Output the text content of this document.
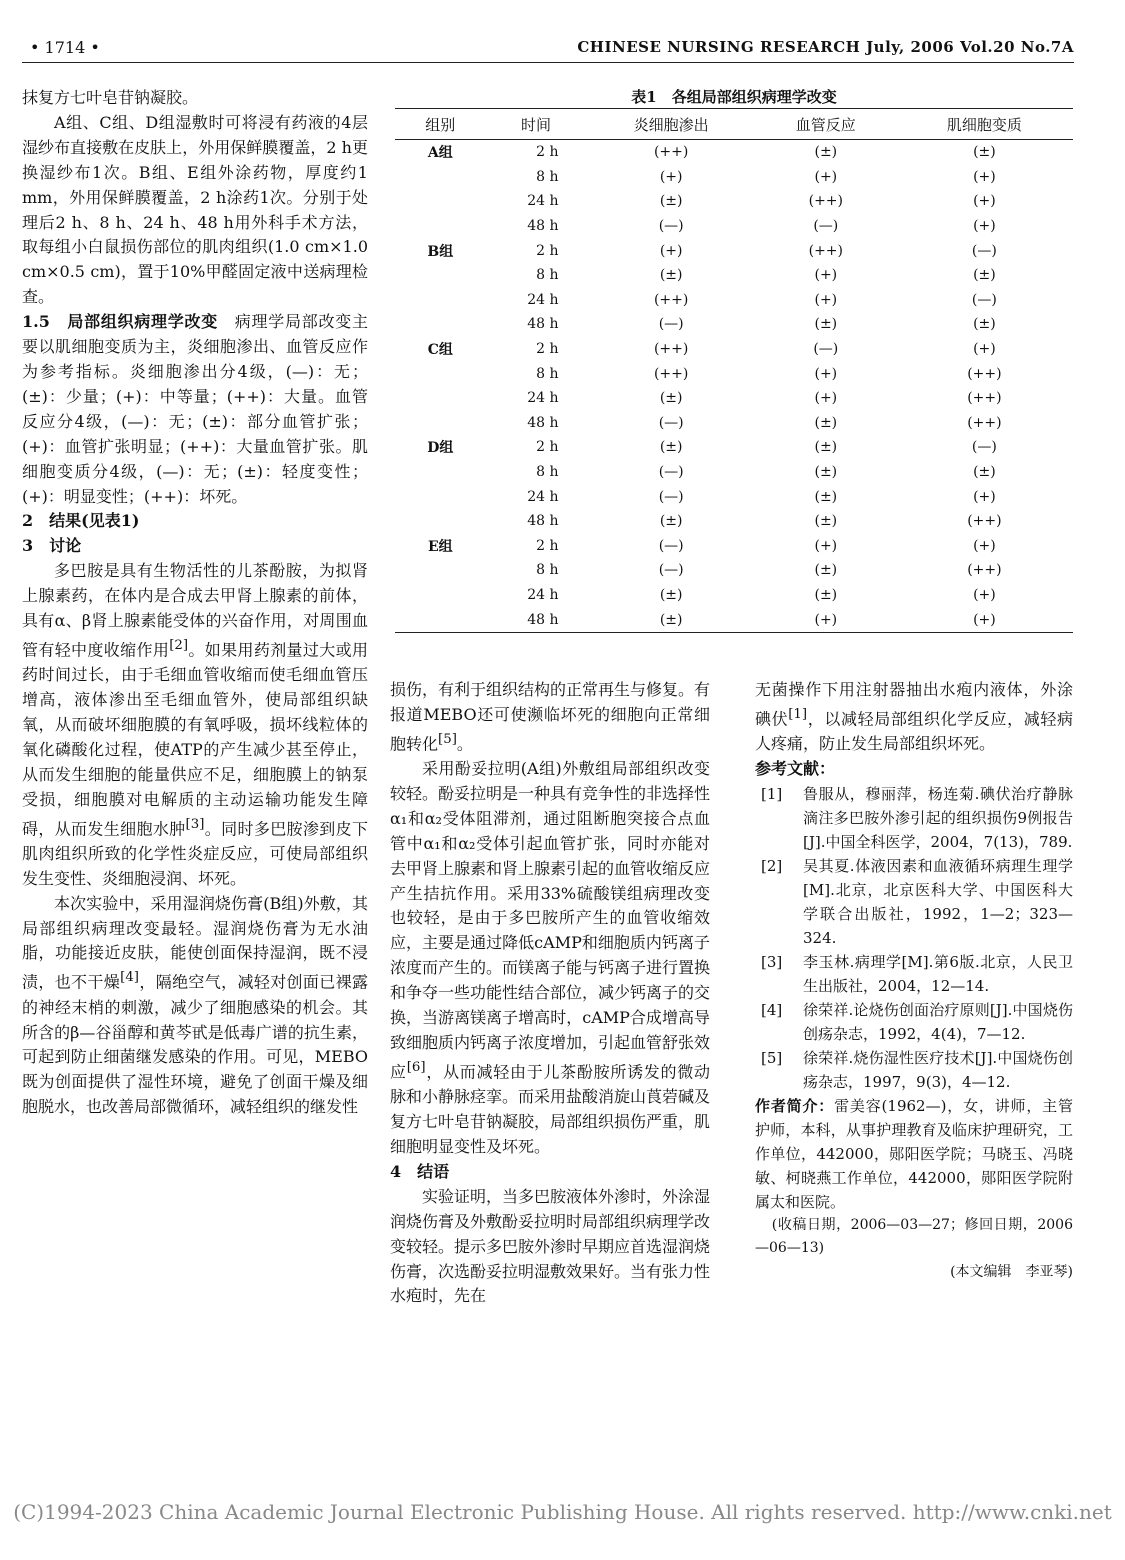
• 1714 •	CHINESE NURSING RESEARCH July, 2006 Vol.20 No.7A

抹复方七叶皂苷钠凝胶。

A组、C组、D组湿敷时可将浸有药液的4层湿纱布直接敷在皮肤上，外用保鲜膜覆盖，2 h更换湿纱布1次。B组、E组外涂药物，厚度约1 mm，外用保鲜膜覆盖，2 h涂药1次。分别于处理后2 h、8 h、24 h、48 h用外科手术方法，取每组小白鼠损伤部位的肌肉组织(1.0 cm×1.0 cm×0.5 cm)，置于10%甲醛固定液中送病理检查。

1.5　局部组织病理学改变　病理学局部改变主要以肌细胞变质为主，炎细胞渗出、血管反应作为参考指标。炎细胞渗出分4级，(—)：无；(±)：少量；(+)：中等量；(++)：大量。血管反应分4级，(—)：无；(±)：部分血管扩张；(+)：血管扩张明显；(++)：大量血管扩张。肌细胞变质分4级，(—)：无；(±)：轻度变性；(+)：明显变性；(++)：坏死。

2　结果(见表1)

3　讨论

多巴胺是具有生物活性的儿茶酚胺，为拟肾上腺素药，在体内是合成去甲肾上腺素的前体，具有α、β肾上腺素能受体的兴奋作用，对周围血管有轻中度收缩作用[2]。如果用药剂量过大或用药时间过长，由于毛细血管收缩而使毛细血管压增高，液体渗出至毛细血管外，使局部组织缺氧，从而破坏细胞膜的有氧呼吸，损坏线粒体的氧化磷酸化过程，使ATP的产生减少甚至停止，从而发生细胞的能量供应不足，细胞膜上的钠泵受损，细胞膜对电解质的主动运输功能发生障碍，从而发生细胞水肿[3]。同时多巴胺渗到皮下肌肉组织所致的化学性炎症反应，可使局部组织发生变性、炎细胞浸润、坏死。

本次实验中，采用湿润烧伤膏(B组)外敷，其局部组织病理改变最轻。湿润烧伤膏为无水油脂，功能接近皮肤，能使创面保持湿润，既不浸渍，也不干燥[4]，隔绝空气，减轻对创面已裸露的神经末梢的刺激，减少了细胞感染的机会。其所含的β—谷甾醇和黄芩甙是低毒广谱的抗生素，可起到防止细菌继发感染的作用。可见，MEBO既为创面提供了湿性环境，避免了创面干燥及细胞脱水，也改善局部微循环，减轻组织的继发性

表1　各组局部组织病理学改变
组别	时间	炎细胞渗出	血管反应	肌细胞变质
A组	2 h	(++)	(±)	(±)
	8 h	(+)	(+)	(+)
	24 h	(±)	(++)	(+)
	48 h	(—)	(—)	(+)
B组	2 h	(+)	(++)	(—)
	8 h	(±)	(+)	(±)
	24 h	(++)	(+)	(—)
	48 h	(—)	(±)	(±)
C组	2 h	(++)	(—)	(+)
	8 h	(++)	(+)	(++)
	24 h	(±)	(+)	(++)
	48 h	(—)	(±)	(++)
D组	2 h	(±)	(±)	(—)
	8 h	(—)	(±)	(±)
	24 h	(—)	(±)	(+)
	48 h	(±)	(±)	(++)
E组	2 h	(—)	(+)	(+)
	8 h	(—)	(±)	(++)
	24 h	(±)	(±)	(+)
	48 h	(±)	(+)	(+)

损伤，有利于组织结构的正常再生与修复。有报道MEBO还可使濒临坏死的细胞向正常细胞转化[5]。

采用酚妥拉明(A组)外敷组局部组织改变较轻。酚妥拉明是一种具有竞争性的非选择性α₁和α₂受体阻滞剂，通过阻断胞突接合点血管中α₁和α₂受体引起血管扩张，同时亦能对去甲肾上腺素和肾上腺素引起的血管收缩反应产生拮抗作用。采用33%硫酸镁组病理改变也较轻，是由于多巴胺所产生的血管收缩效应，主要是通过降低cAMP和细胞质内钙离子浓度而产生的。而镁离子能与钙离子进行置换和争夺一些功能性结合部位，减少钙离子的交换，当游离镁离子增高时，cAMP合成增高导致细胞质内钙离子浓度增加，引起血管舒张效应[6]，从而减轻由于儿茶酚胺所诱发的微动脉和小静脉痉挛。而采用盐酸消旋山莨菪碱及复方七叶皂苷钠凝胶，局部组织损伤严重，肌细胞明显变性及坏死。

4　结语

实验证明，当多巴胺液体外渗时，外涂湿润烧伤膏及外敷酚妥拉明时局部组织病理学改变较轻。提示多巴胺外渗时早期应首选湿润烧伤膏，次选酚妥拉明湿敷效果好。当有张力性水疱时，先在

无菌操作下用注射器抽出水疱内液体，外涂碘伏[1]，以减轻局部组织化学反应，减轻病人疼痛，防止发生局部组织坏死。

参考文献：

[1] 鲁服从，穆丽萍，杨连菊.碘伏治疗静脉滴注多巴胺外渗引起的组织损伤9例报告[J].中国全科医学，2004，7(13)，789.

[2] 吴其夏.体液因素和血液循环病理生理学[M].北京，北京医科大学、中国医科大学联合出版社，1992，1—2；323—324.

[3] 李玉林.病理学[M].第6版.北京，人民卫生出版社，2004，12—14.

[4] 徐荣祥.论烧伤创面治疗原则[J].中国烧伤创疡杂志，1992，4(4)，7—12.

[5] 徐荣祥.烧伤湿性医疗技术[J].中国烧伤创疡杂志，1997，9(3)，4—12.

作者简介：雷美容(1962—)，女，讲师，主管护师，本科，从事护理教育及临床护理研究，工作单位，442000，郧阳医学院；马晓玉、冯晓敏、柯晓燕工作单位，442000，郧阳医学院附属太和医院。

(收稿日期，2006—03—27；修回日期，2006—06—13)

(本文编辑　李亚琴)

(C)1994-2023 China Academic Journal Electronic Publishing House. All rights reserved. http://www.cnki.net
